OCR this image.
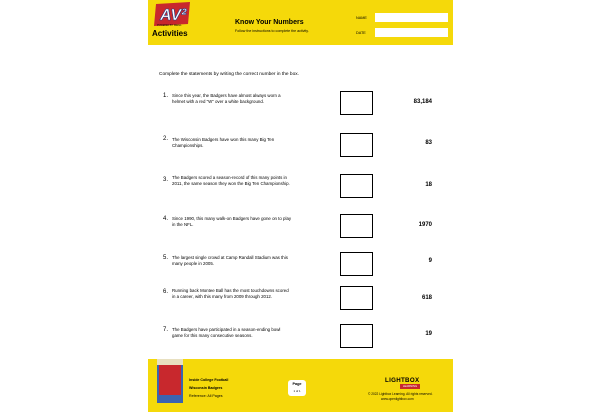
AV²
POWERED BY WEIGL
Activities
Know Your Numbers
Follow the instructions to complete the activity.
NAME
DATE
Complete the statements by writing the correct number in the box.
1. Since this year, the Badgers have almost always worn a helmet with a red “W” over a white background.	83,184
2. The Wisconsin Badgers have won this many Big Ten Championships.	83
3. The Badgers scored a season-record of this many points in 2011, the same season they won the Big Ten Championship.	18
4. Since 1990, this many walk-on Badgers have gone on to play in the NFL.	1970
5. The largest single crowd at Camp Randall Stadium was this many people in 2005.	9
6. Running back Montee Ball has the most touchdowns scored in a career, with this many from 2009 through 2012.	618
7. The Badgers have participated in a season-ending bowl game for this many consecutive seasons.	19
Inside College Football
Wisconsin Badgers
Reference: All Pages
Page
1 of 1
LIGHTBOX
LEARNING
© 2022 Lightbox Learning. All rights reserved.
www.openlightbox.com
